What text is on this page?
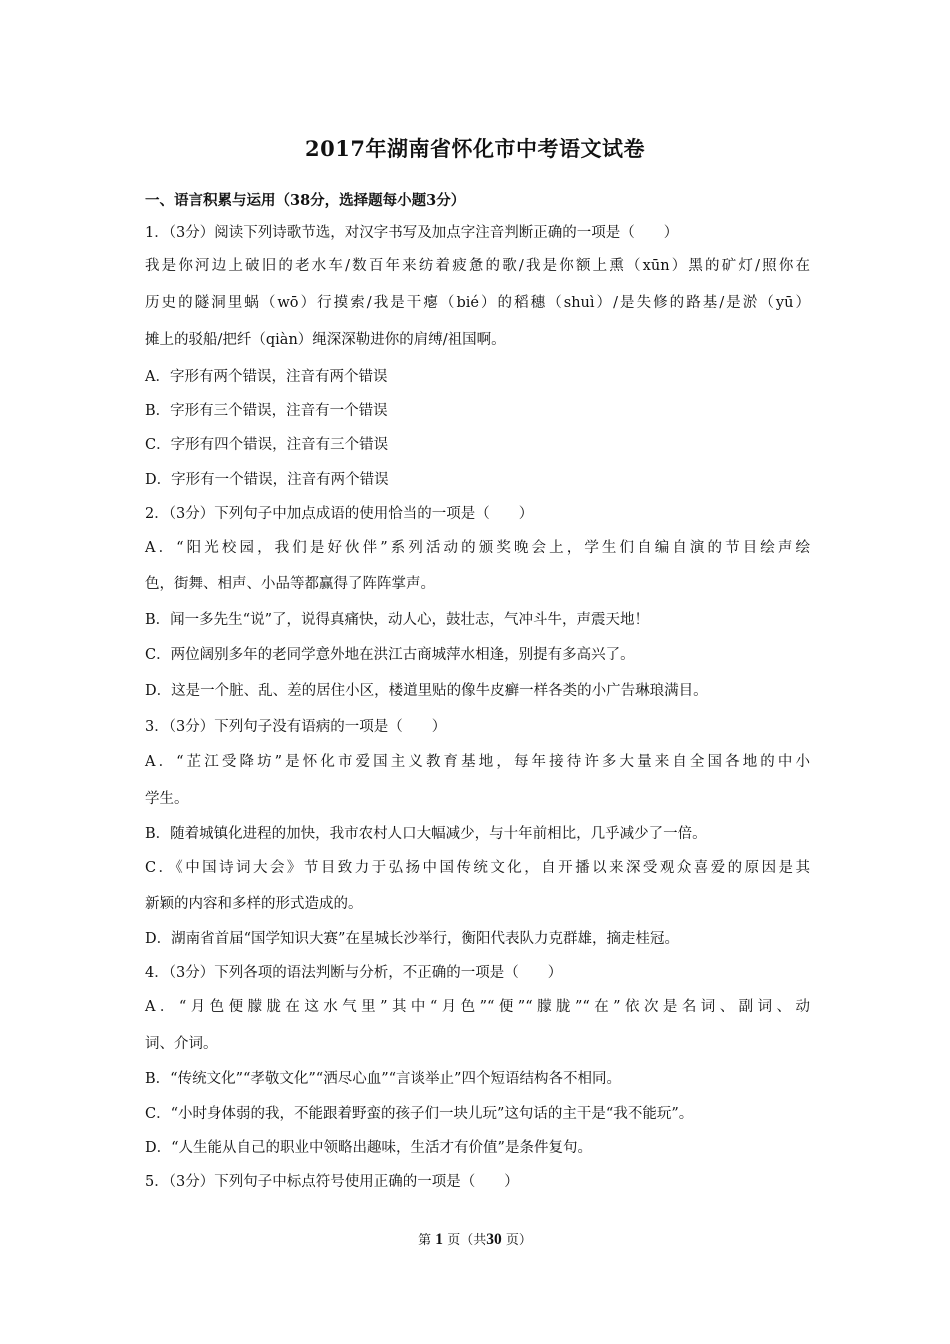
2017年湖南省怀化市中考语文试卷
一、语言积累与运用（38分，选择题每小题3分）
1．（3分）阅读下列诗歌节选，对汉字书写及加点字注音判断正确的一项是（　　）
我是你河边上破旧的老水车/数百年来纺着疲惫的歌/我是你额上熏（xūn）黑的矿灯/照你在
历史的隧洞里蜗（wō）行摸索/我是干瘪（bié）的稻穗（shuì）/是失修的路基/是淤（yū）
摊上的驳船/把纤（qiàn）绳深深勒进你的肩缚/祖国啊。
A．字形有两个错误，注音有两个错误
B．字形有三个错误，注音有一个错误
C．字形有四个错误，注音有三个错误
D．字形有一个错误，注音有两个错误
2．（3分）下列句子中加点成语的使用恰当的一项是（　　）
A．“阳光校园，我们是好伙伴”系列活动的颁奖晚会上，学生们自编自演的节目绘声绘
色，街舞、相声、小品等都赢得了阵阵掌声。
B．闻一多先生“说”了，说得真痛快，动人心，鼓壮志，气冲斗牛，声震天地！
C．两位阔别多年的老同学意外地在洪江古商城萍水相逢，别提有多高兴了。
D．这是一个脏、乱、差的居住小区，楼道里贴的像牛皮癣一样各类的小广告琳琅满目。
3．（3分）下列句子没有语病的一项是（　　）
A．“芷江受降坊”是怀化市爱国主义教育基地，每年接待许多大量来自全国各地的中小
学生。
B．随着城镇化进程的加快，我市农村人口大幅减少，与十年前相比，几乎减少了一倍。
C．《中国诗词大会》节目致力于弘扬中国传统文化，自开播以来深受观众喜爱的原因是其
新颖的内容和多样的形式造成的。
D．湖南省首届“国学知识大赛”在星城长沙举行，衡阳代表队力克群雄，摘走桂冠。
4．（3分）下列各项的语法判断与分析，不正确的一项是（　　）
A．“月色便朦胧在这水气里”其中“月色”“便”“朦胧”“在”依次是名词、副词、动
词、介词。
B．“传统文化”“孝敬文化”“洒尽心血”“言谈举止”四个短语结构各不相同。
C．“小时身体弱的我，不能跟着野蛮的孩子们一块儿玩”这句话的主干是“我不能玩”。
D．“人生能从自己的职业中领略出趣味，生活才有价值”是条件复句。
5．（3分）下列句子中标点符号使用正确的一项是（　　）
第 1 页（共30 页）
